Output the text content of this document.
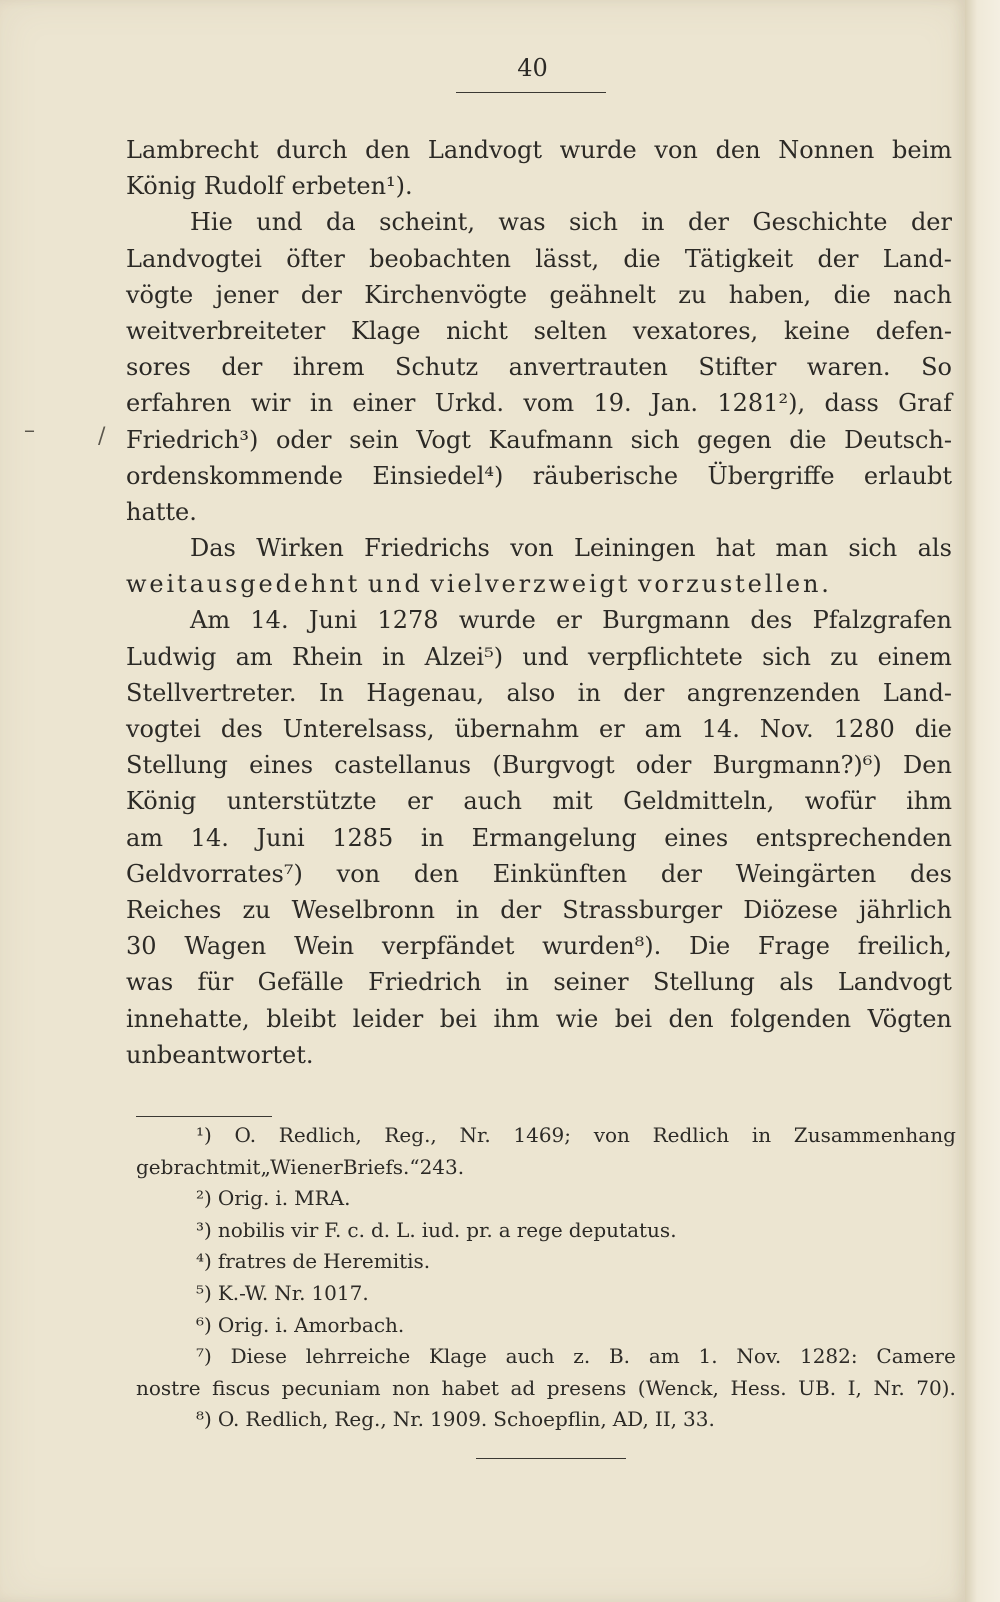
40
–	/
Lambrecht durch den Landvogt wurde von den Nonnen beim
König Rudolf erbeten¹).
Hie und da scheint, was sich in der Geschichte der
Landvogtei öfter beobachten lässt, die Tätigkeit der Land-
vögte jener der Kirchenvögte geähnelt zu haben, die nach
weitverbreiteter Klage nicht selten vexatores, keine defen-
sores der ihrem Schutz anvertrauten Stifter waren. So
erfahren wir in einer Urkd. vom 19. Jan. 1281²), dass Graf
Friedrich³) oder sein Vogt Kaufmann sich gegen die Deutsch-
ordenskommende Einsiedel⁴) räuberische Übergriffe erlaubt
hatte.
Das Wirken Friedrichs von Leiningen hat man sich als
weitausgedehnt und vielverzweigt vorzustellen.
Am 14. Juni 1278 wurde er Burgmann des Pfalzgrafen
Ludwig am Rhein in Alzei⁵) und verpflichtete sich zu einem
Stellvertreter. In Hagenau, also in der angrenzenden Land-
vogtei des Unterelsass, übernahm er am 14. Nov. 1280 die
Stellung eines castellanus (Burgvogt oder Burgmann?)⁶) Den
König unterstützte er auch mit Geldmitteln, wofür ihm
am 14. Juni 1285 in Ermangelung eines entsprechenden
Geldvorrates⁷) von den Einkünften der Weingärten des
Reiches zu Weselbronn in der Strassburger Diözese jährlich
30 Wagen Wein verpfändet wurden⁸). Die Frage freilich,
was für Gefälle Friedrich in seiner Stellung als Landvogt
innehatte, bleibt leider bei ihm wie bei den folgenden Vögten
unbeantwortet.
¹) O. Redlich, Reg., Nr. 1469; von Redlich in Zusammenhang
gebracht mit „Wiener Briefs.“ 243.
²) Orig. i. MRA.
³) nobilis vir F. c. d. L. iud. pr. a rege deputatus.
⁴) fratres de Heremitis.
⁵) K.-W. Nr. 1017.
⁶) Orig. i. Amorbach.
⁷) Diese lehrreiche Klage auch z. B. am 1. Nov. 1282: Camere
nostre fiscus pecuniam non habet ad presens (Wenck, Hess. UB. I, Nr. 70).
⁸) O. Redlich, Reg., Nr. 1909. Schoepflin, AD, II, 33.
